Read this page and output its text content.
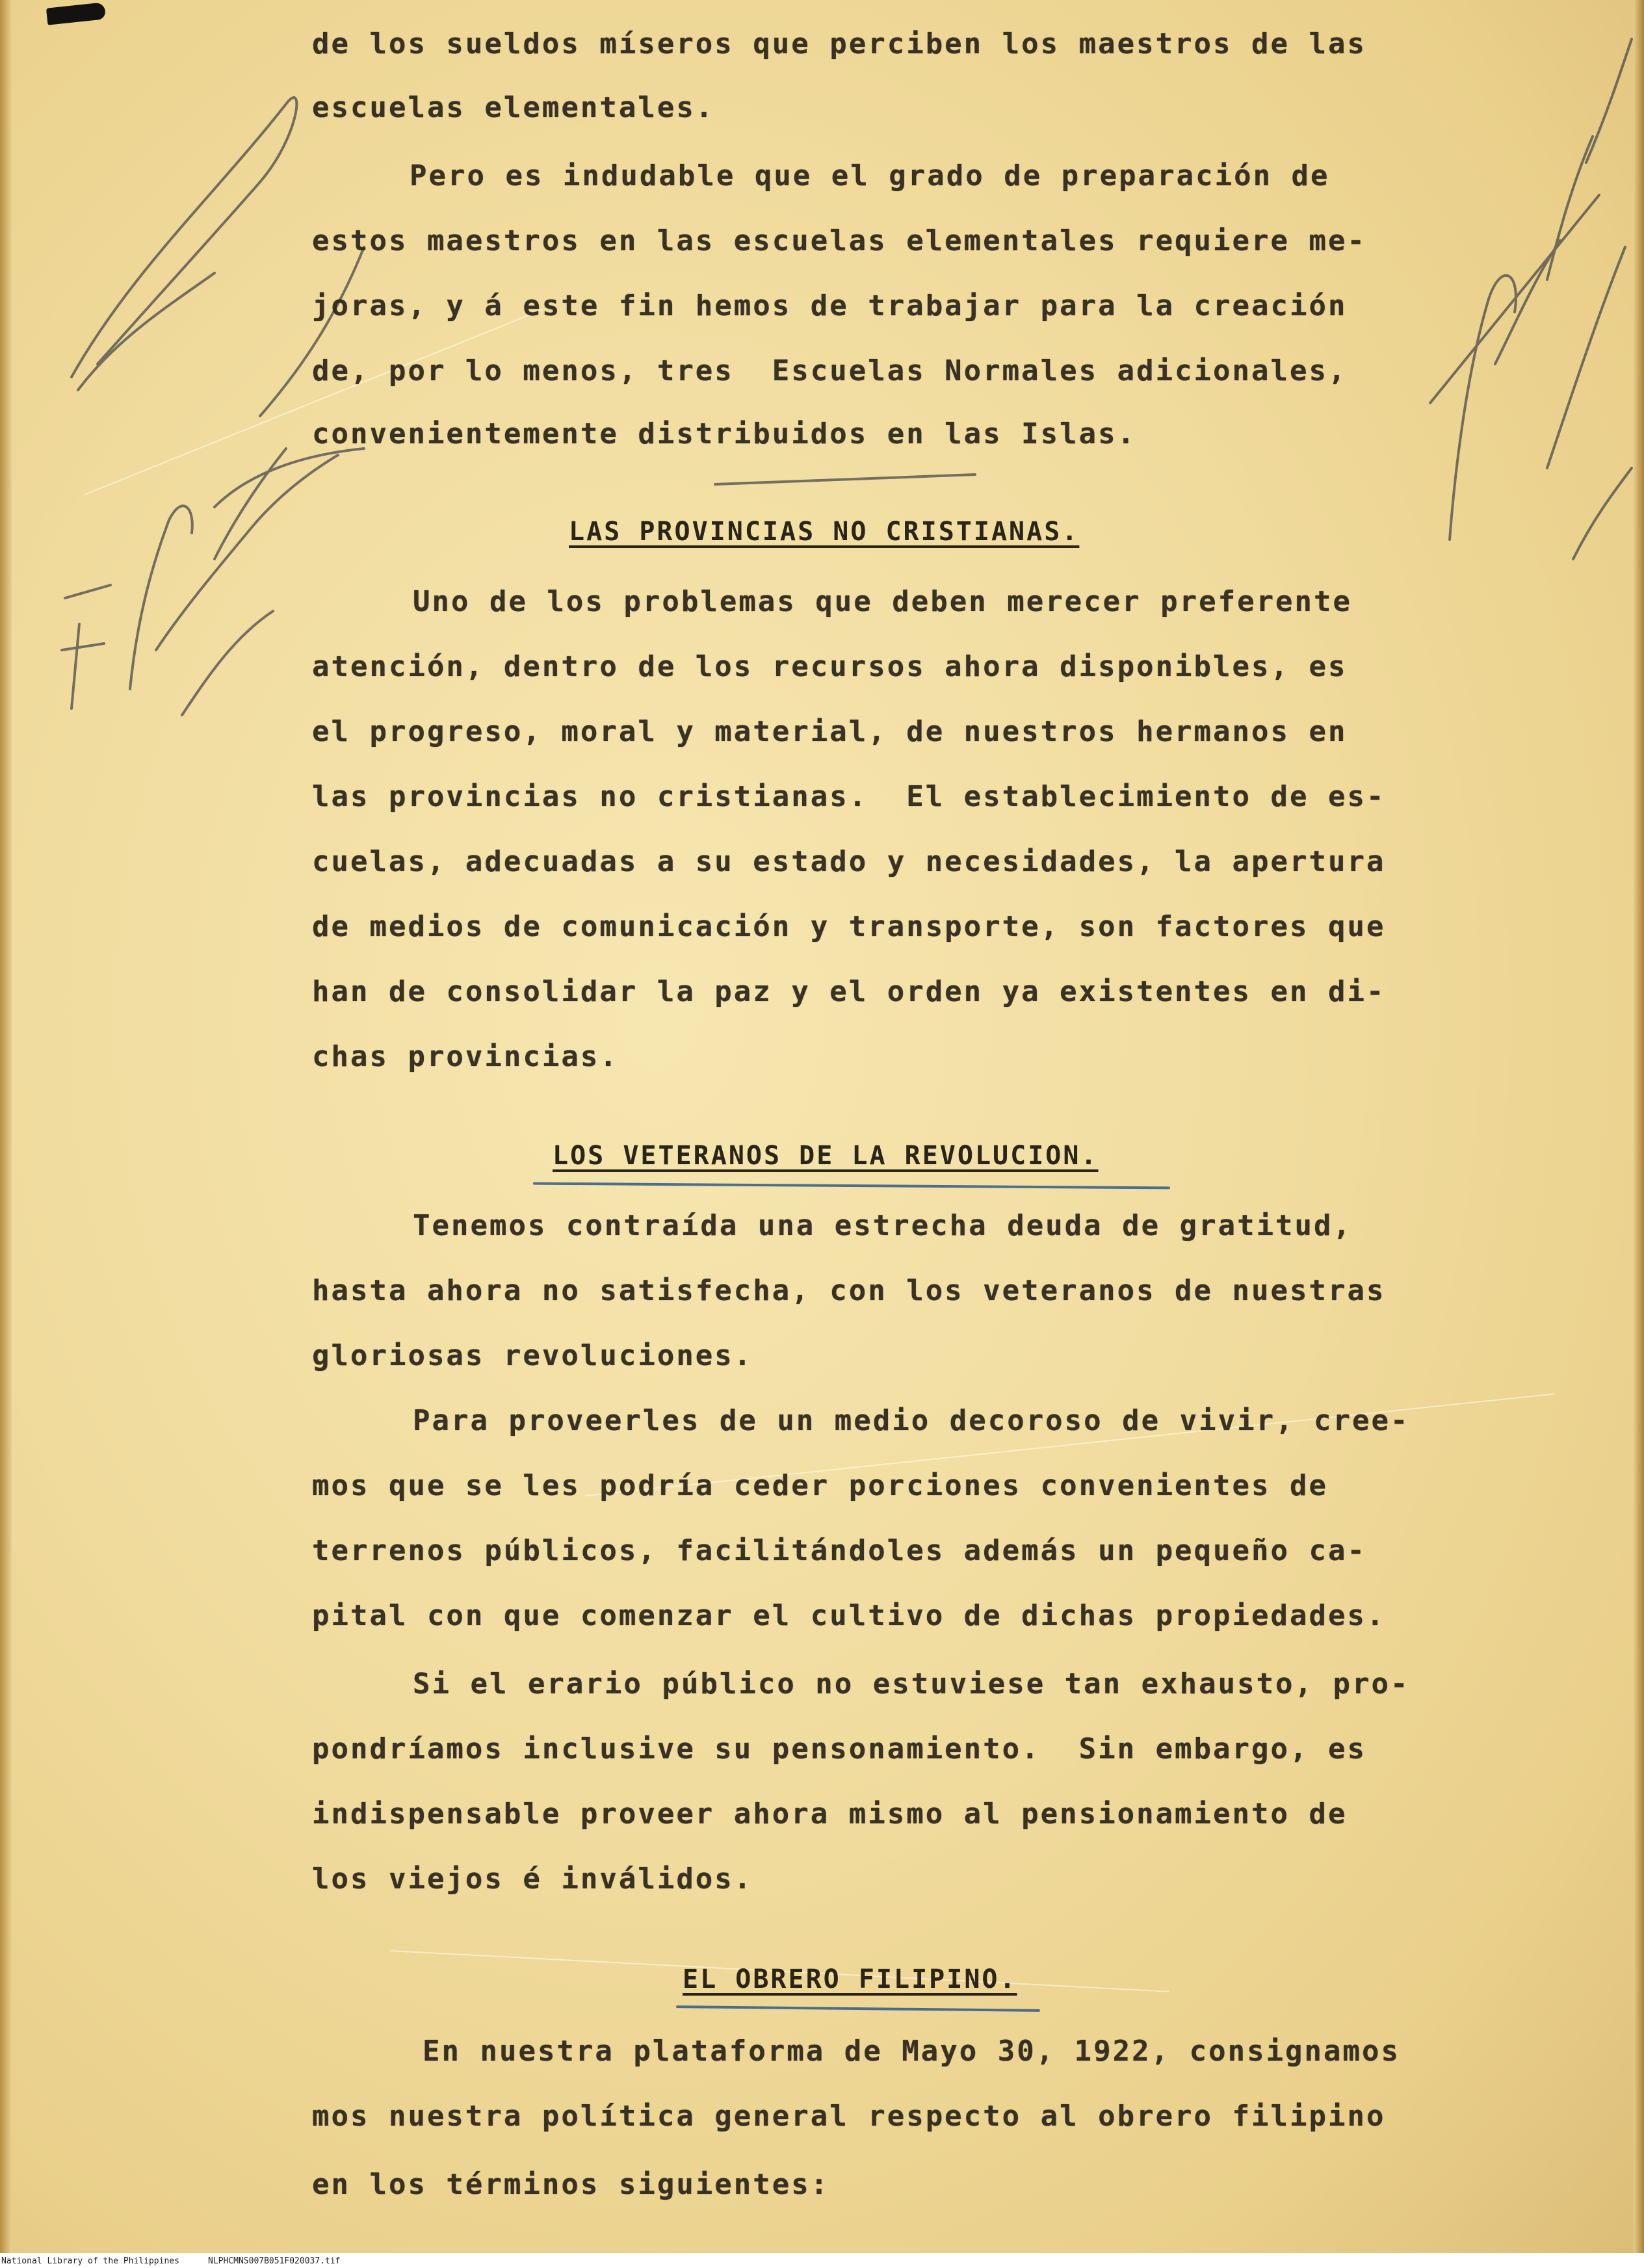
de los sueldos míseros que perciben los maestros de las
escuelas elementales.
Pero es indudable que el grado de preparación de
estos maestros en las escuelas elementales requiere me-
joras, y á este fin hemos de trabajar para la creación
de, por lo menos, tres  Escuelas Normales adicionales,
convenientemente distribuidos en las Islas.
LAS PROVINCIAS NO CRISTIANAS.
Uno de los problemas que deben merecer preferente
atención, dentro de los recursos ahora disponibles, es
el progreso, moral y material, de nuestros hermanos en
las provincias no cristianas.  El establecimiento de es-
cuelas, adecuadas a su estado y necesidades, la apertura
de medios de comunicación y transporte, son factores que
han de consolidar la paz y el orden ya existentes en di-
chas provincias.
LOS VETERANOS DE LA REVOLUCION.
Tenemos contraída una estrecha deuda de gratitud,
hasta ahora no satisfecha, con los veteranos de nuestras
gloriosas revoluciones.
Para proveerles de un medio decoroso de vivir, cree-
mos que se les podría ceder porciones convenientes de
terrenos públicos, facilitándoles además un pequeño ca-
pital con que comenzar el cultivo de dichas propiedades.
Si el erario público no estuviese tan exhausto, pro-
pondríamos inclusive su pensonamiento.  Sin embargo, es
indispensable proveer ahora mismo al pensionamiento de
los viejos é inválidos.
EL OBRERO FILIPINO.
En nuestra plataforma de Mayo 30, 1922, consignamos
mos nuestra política general respecto al obrero filipino
en los términos siguientes:
National Library of the Philippines	NLPHCMNS007B051F020037.tif
